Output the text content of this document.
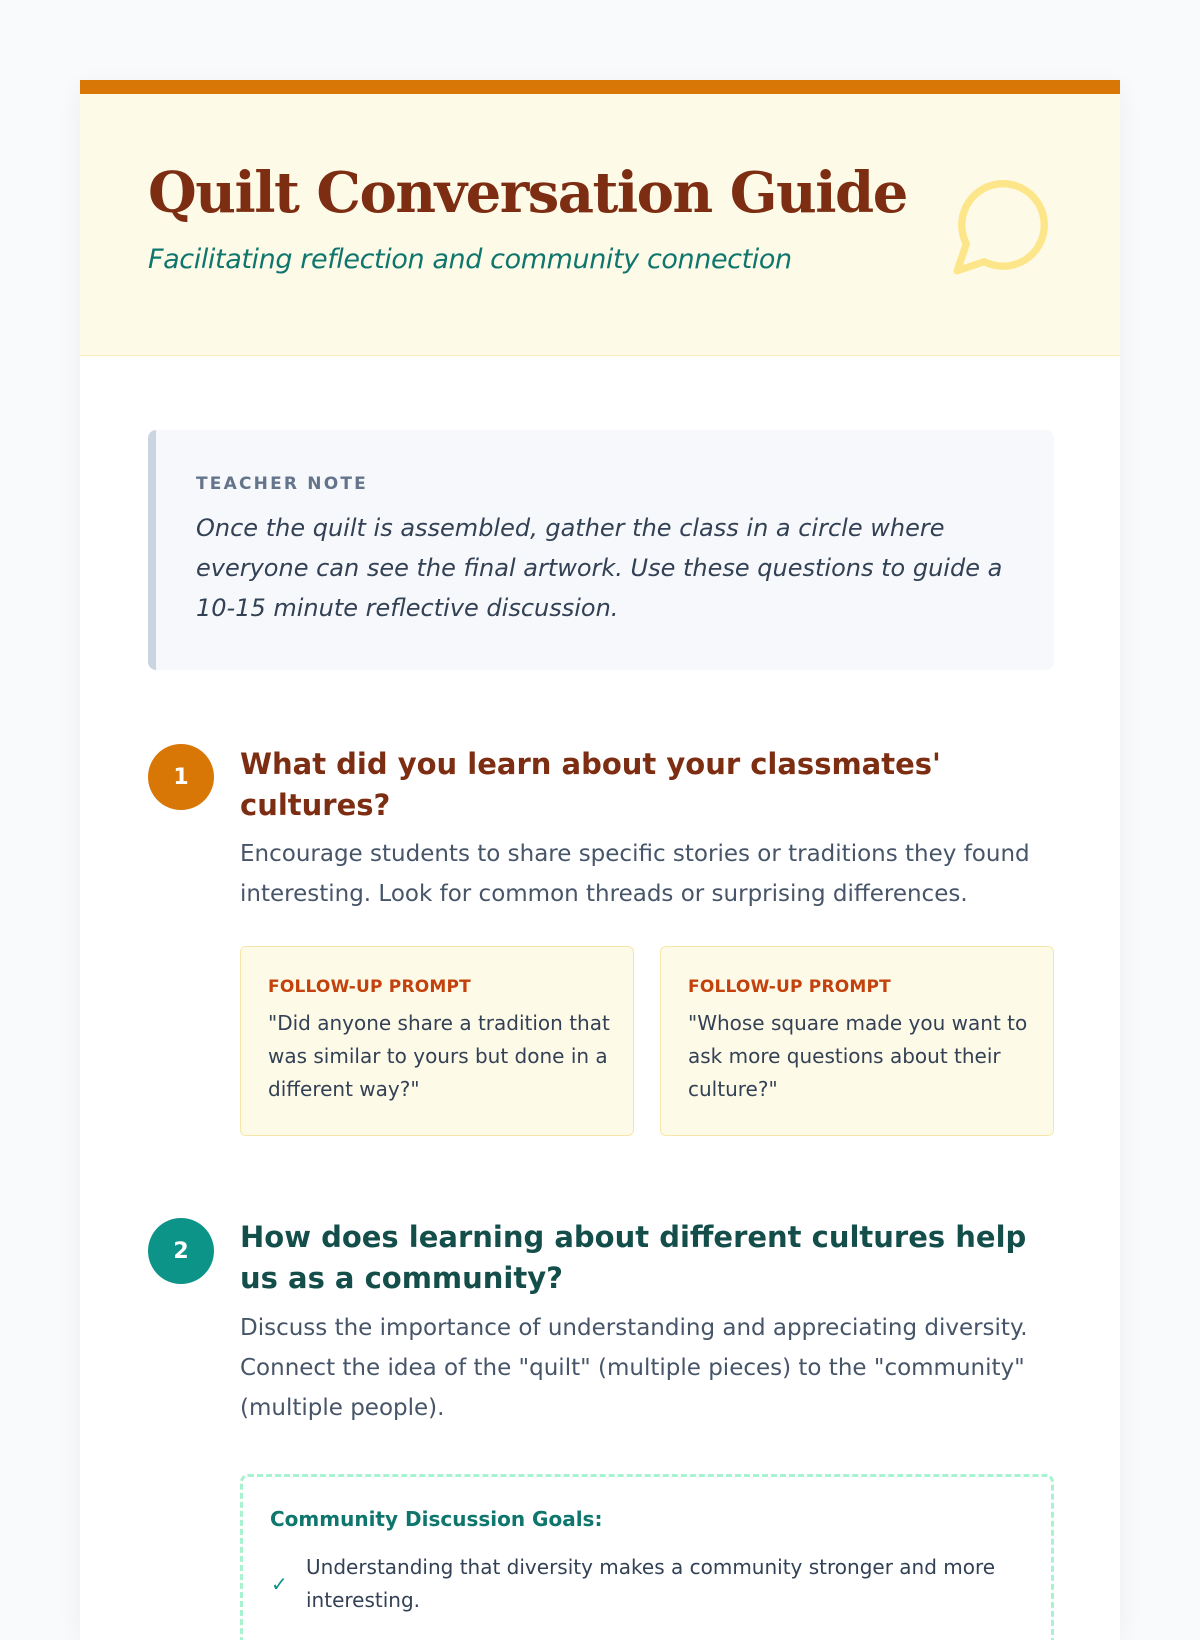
Quilt Conversation Guide
Facilitating reflection and community connection
TEACHER NOTE
Once the quilt is assembled, gather the class in a circle where everyone can see the final artwork. Use these questions to guide a 10-15 minute reflective discussion.
1	What did you learn about your classmates' cultures?
Encourage students to share specific stories or traditions they found interesting. Look for common threads or surprising differences.
FOLLOW-UP PROMPT
"Did anyone share a tradition that was similar to yours but done in a different way?"
FOLLOW-UP PROMPT
"Whose square made you want to ask more questions about their culture?"
2	How does learning about different cultures help us as a community?
Discuss the importance of understanding and appreciating diversity. Connect the idea of the "quilt" (multiple pieces) to the "community" (multiple people).
Community Discussion Goals:
✓
Understanding that diversity makes a community stronger and more interesting.
